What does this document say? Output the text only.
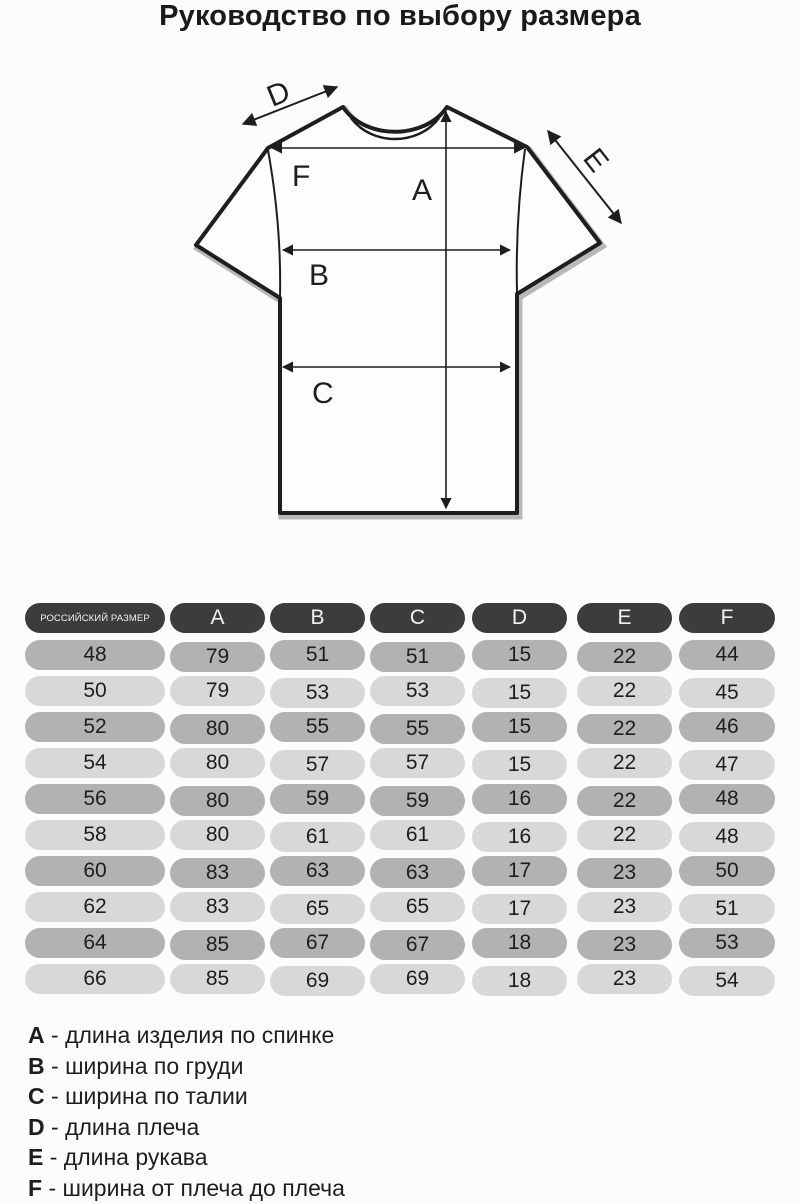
Руководство по выбору размера
D
E
F	A
B
C
РОССИЙСКИЙ РАЗМЕР	A	B	C	D	E	F
48	79	51	51	15	22	44
50	79	53	53	15	22	45
52	80	55	55	15	22	46
54	80	57	57	15	22	47
56	80	59	59	16	22	48
58	80	61	61	16	22	48
60	83	63	63	17	23	50
62	83	65	65	17	23	51
64	85	67	67	18	23	53
66	85	69	69	18	23	54
A - длина изделия по спинке
B - ширина по груди
C - ширина по талии
D - длина плеча
E - длина рукава
F - ширина от плеча до плеча
